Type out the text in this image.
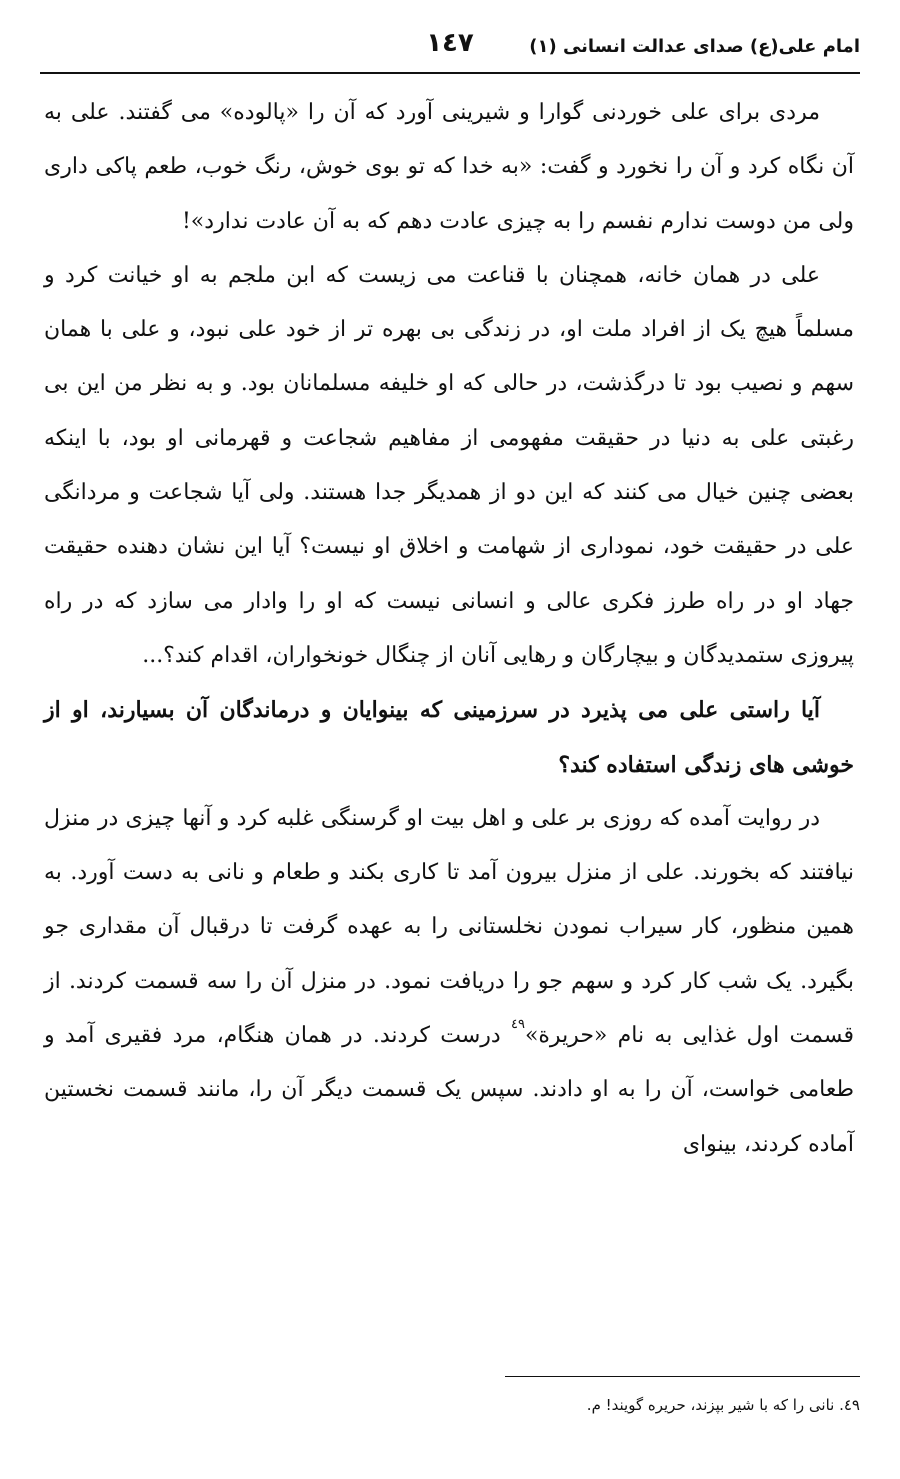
امام علی(ع) صدای عدالت انسانی (۱)
۱٤۷

مردی برای علی خوردنی گوارا و شیرینی آورد که آن را «پالوده» می گفتند. علی به آن نگاه کرد و آن را نخورد و گفت: «به خدا که تو بوی خوش، رنگ خوب، طعم پاکی داری ولی من دوست ندارم نفسم را به چیزی عادت دهم که به آن عادت ندارد»!

علی در همان خانه، همچنان با قناعت می زیست که ابن ملجم به او خیانت کرد و مسلماً هیچ یک از افراد ملت او، در زندگی بی بهره تر از خود علی نبود، و علی با همان سهم و نصیب بود تا درگذشت، در حالی که او خلیفه مسلمانان بود. و به نظر من این بی رغبتی علی به دنیا در حقیقت مفهومی از مفاهیم شجاعت و قهرمانی او بود، با اینکه بعضی چنین خیال می کنند که این دو از همدیگر جدا هستند. ولی آیا شجاعت و مردانگی علی در حقیقت خود، نموداری از شهامت و اخلاق او نیست؟ آیا این نشان دهنده حقیقت جهاد او در راه طرز فکری عالی و انسانی نیست که او را وادار می سازد که در راه پیروزی ستمدیدگان و بیچارگان و رهایی آنان از چنگال خونخواران، اقدام کند؟...

آیا راستی علی می پذیرد در سرزمینی که بینوایان و درماندگان آن بسیارند، او از خوشی های زندگی استفاده کند؟

در روایت آمده که روزی بر علی و اهل بیت او گرسنگی غلبه کرد و آنها چیزی در منزل نیافتند که بخورند. علی از منزل بیرون آمد تا کاری بکند و طعام و نانی به دست آورد. به همین منظور، کار سیراب نمودن نخلستانی را به عهده گرفت تا درقبال آن مقداری جو بگیرد. یک شب کار کرد و سهم جو را دریافت نمود. در منزل آن را سه قسمت کردند. از قسمت اول غذایی به نام «حریرة»$^{٤٩}$ درست کردند. در همان هنگام، مرد فقیری آمد و طعامی خواست، آن را به او دادند. سپس یک قسمت دیگر آن را، مانند قسمت نخستین آماده کردند، بینوای

٤٩. نانی را که با شیر بپزند، حریره گویند! م.
